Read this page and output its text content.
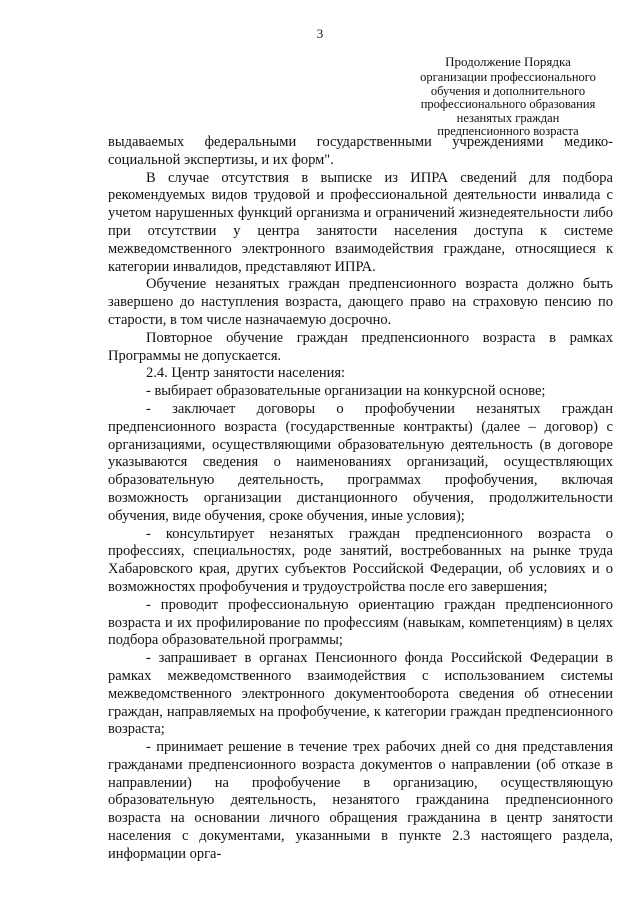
3
Продолжение Порядка
организации профессионального
обучения и дополнительного
профессионального образования
незанятых граждан
предпенсионного возраста

выдаваемых федеральными государственными учреждениями медико-социальной экспертизы, и их форм".

В случае отсутствия в выписке из ИПРА сведений для подбора рекомендуемых видов трудовой и профессиональной деятельности инвалида с учетом нарушенных функций организма и ограничений жизнедеятельности либо при отсутствии у центра занятости населения доступа к системе межведомственного электронного взаимодействия граждане, относящиеся к категории инвалидов, представляют ИПРА.

Обучение незанятых граждан предпенсионного возраста должно быть завершено до наступления возраста, дающего право на страховую пенсию по старости, в том числе назначаемую досрочно.

Повторное обучение граждан предпенсионного возраста в рамках Программы не допускается.

2.4. Центр занятости населения:

- выбирает образовательные организации на конкурсной основе;

- заключает договоры о профобучении незанятых граждан предпенсионного возраста (государственные контракты) (далее – договор) с организациями, осуществляющими образовательную деятельность (в договоре указываются сведения о наименованиях организаций, осуществляющих образовательную деятельность, программах профобучения, включая возможность организации дистанционного обучения, продолжительности обучения, виде обучения, сроке обучения, иные условия);

- консультирует незанятых граждан предпенсионного возраста о профессиях, специальностях, роде занятий, востребованных на рынке труда Хабаровского края, других субъектов Российской Федерации, об условиях и о возможностях профобучения и трудоустройства после его завершения;

- проводит профессиональную ориентацию граждан предпенсионного возраста и их профилирование по профессиям (навыкам, компетенциям) в целях подбора образовательной программы;

- запрашивает в органах Пенсионного фонда Российской Федерации в рамках межведомственного взаимодействия с использованием системы межведомственного электронного документооборота сведения об отнесении граждан, направляемых на профобучение, к категории граждан предпенсионного возраста;

- принимает решение в течение трех рабочих дней со дня представления гражданами предпенсионного возраста документов о направлении (об отказе в направлении) на профобучение в организацию, осуществляющую образовательную деятельность, незанятого гражданина предпенсионного возраста на основании личного обращения гражданина в центр занятости населения с документами, указанными в пункте 2.3 настоящего раздела, информации орга-
